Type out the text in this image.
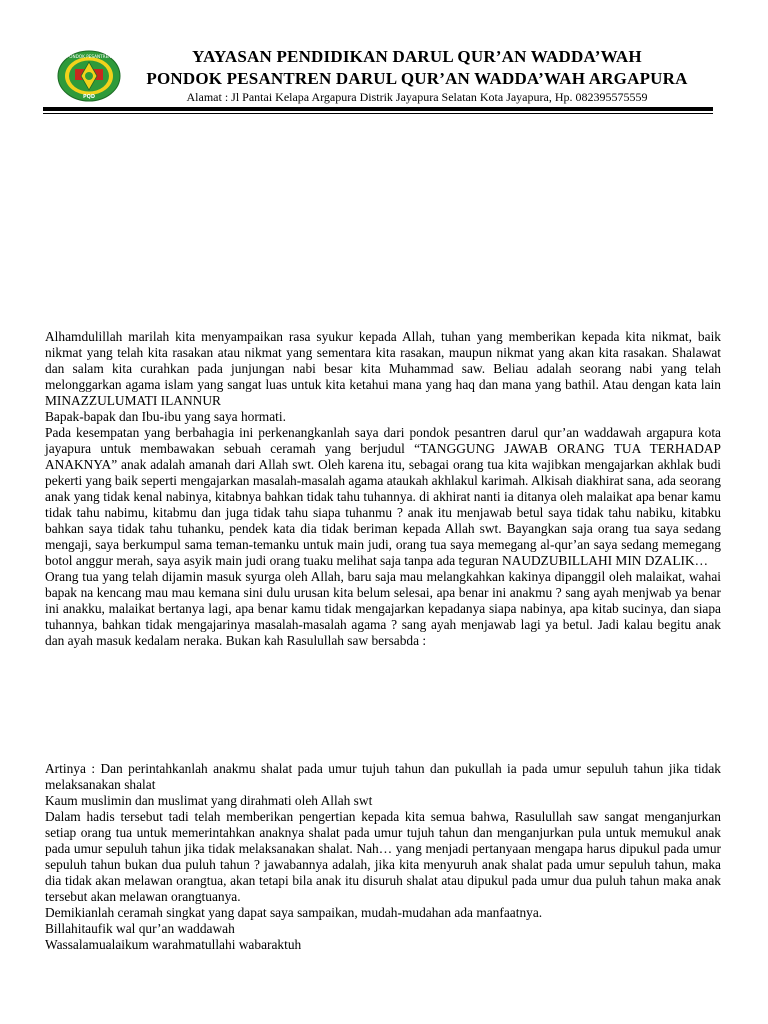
PONDOK PESANTREN
PQD
YAYASAN PENDIDIKAN DARUL QUR’AN WADDA’WAH
PONDOK PESANTREN DARUL QUR’AN WADDA’WAH ARGAPURA
Alamat : Jl Pantai Kelapa Argapura Distrik Jayapura Selatan Kota Jayapura, Hp. 082395575559

Alhamdulillah marilah kita menyampaikan rasa syukur kepada Allah, tuhan yang memberikan kepada kita nikmat, baik nikmat yang telah kita rasakan atau nikmat yang sementara kita rasakan, maupun nikmat yang akan kita rasakan. Shalawat dan salam kita curahkan pada junjungan nabi besar kita Muhammad saw. Beliau adalah seorang nabi yang telah melonggarkan agama islam yang sangat luas untuk kita ketahui mana yang haq dan mana yang bathil. Atau dengan kata lain MINAZZULUMATI ILANNUR

Bapak-bapak dan Ibu-ibu yang saya hormati.

Pada kesempatan yang berbahagia ini perkenangkanlah saya dari pondok pesantren darul qur’an waddawah argapura kota jayapura untuk membawakan sebuah ceramah yang berjudul “TANGGUNG JAWAB ORANG TUA TERHADAP ANAKNYA” anak adalah amanah dari Allah swt. Oleh karena itu, sebagai orang tua kita wajibkan mengajarkan akhlak budi pekerti yang baik seperti mengajarkan masalah-masalah agama ataukah akhlakul karimah. Alkisah diakhirat sana, ada seorang anak yang tidak kenal nabinya, kitabnya bahkan tidak tahu tuhannya. di akhirat nanti ia ditanya oleh malaikat apa benar kamu tidak tahu nabimu, kitabmu dan juga tidak tahu siapa tuhanmu ? anak itu menjawab betul saya tidak tahu nabiku, kitabku bahkan saya tidak tahu tuhanku, pendek kata dia tidak beriman kepada Allah swt. Bayangkan saja orang tua saya sedang mengaji, saya berkumpul sama teman-temanku untuk main judi, orang tua saya memegang al-qur’an saya sedang memegang botol anggur merah, saya asyik main judi orang tuaku melihat saja tanpa ada teguran NAUDZUBILLAHI MIN DZALIK…

Orang tua yang telah dijamin masuk syurga oleh Allah, baru saja mau melangkahkan kakinya dipanggil oleh malaikat, wahai bapak na kencang mau mau kemana sini dulu urusan kita belum selesai, apa benar ini anakmu ? sang ayah menjwab ya benar ini anakku, malaikat bertanya lagi, apa benar kamu tidak mengajarkan kepadanya siapa nabinya, apa kitab sucinya, dan siapa tuhannya, bahkan tidak mengajarinya masalah-masalah agama ? sang ayah menjawab lagi ya betul. Jadi kalau begitu anak dan ayah masuk kedalam neraka. Bukan kah Rasulullah saw bersabda :

Artinya : Dan perintahkanlah anakmu shalat pada umur tujuh tahun dan pukullah ia pada umur sepuluh tahun jika tidak melaksanakan shalat

Kaum muslimin dan muslimat yang dirahmati oleh Allah swt

Dalam hadis tersebut tadi telah memberikan pengertian kepada kita semua bahwa, Rasulullah saw sangat menganjurkan setiap orang tua untuk memerintahkan anaknya shalat pada umur tujuh tahun dan menganjurkan pula untuk memukul anak pada umur sepuluh tahun jika tidak melaksanakan shalat. Nah… yang menjadi pertanyaan mengapa harus dipukul pada umur sepuluh tahun bukan dua puluh tahun ? jawabannya adalah, jika kita menyuruh anak shalat pada umur sepuluh tahun, maka dia tidak akan melawan orangtua, akan tetapi bila anak itu disuruh shalat atau dipukul pada umur dua puluh tahun maka anak tersebut akan melawan orangtuanya.

Demikianlah ceramah singkat yang dapat saya sampaikan, mudah-mudahan ada manfaatnya.

Billahitaufik wal qur’an waddawah

Wassalamualaikum warahmatullahi wabaraktuh
